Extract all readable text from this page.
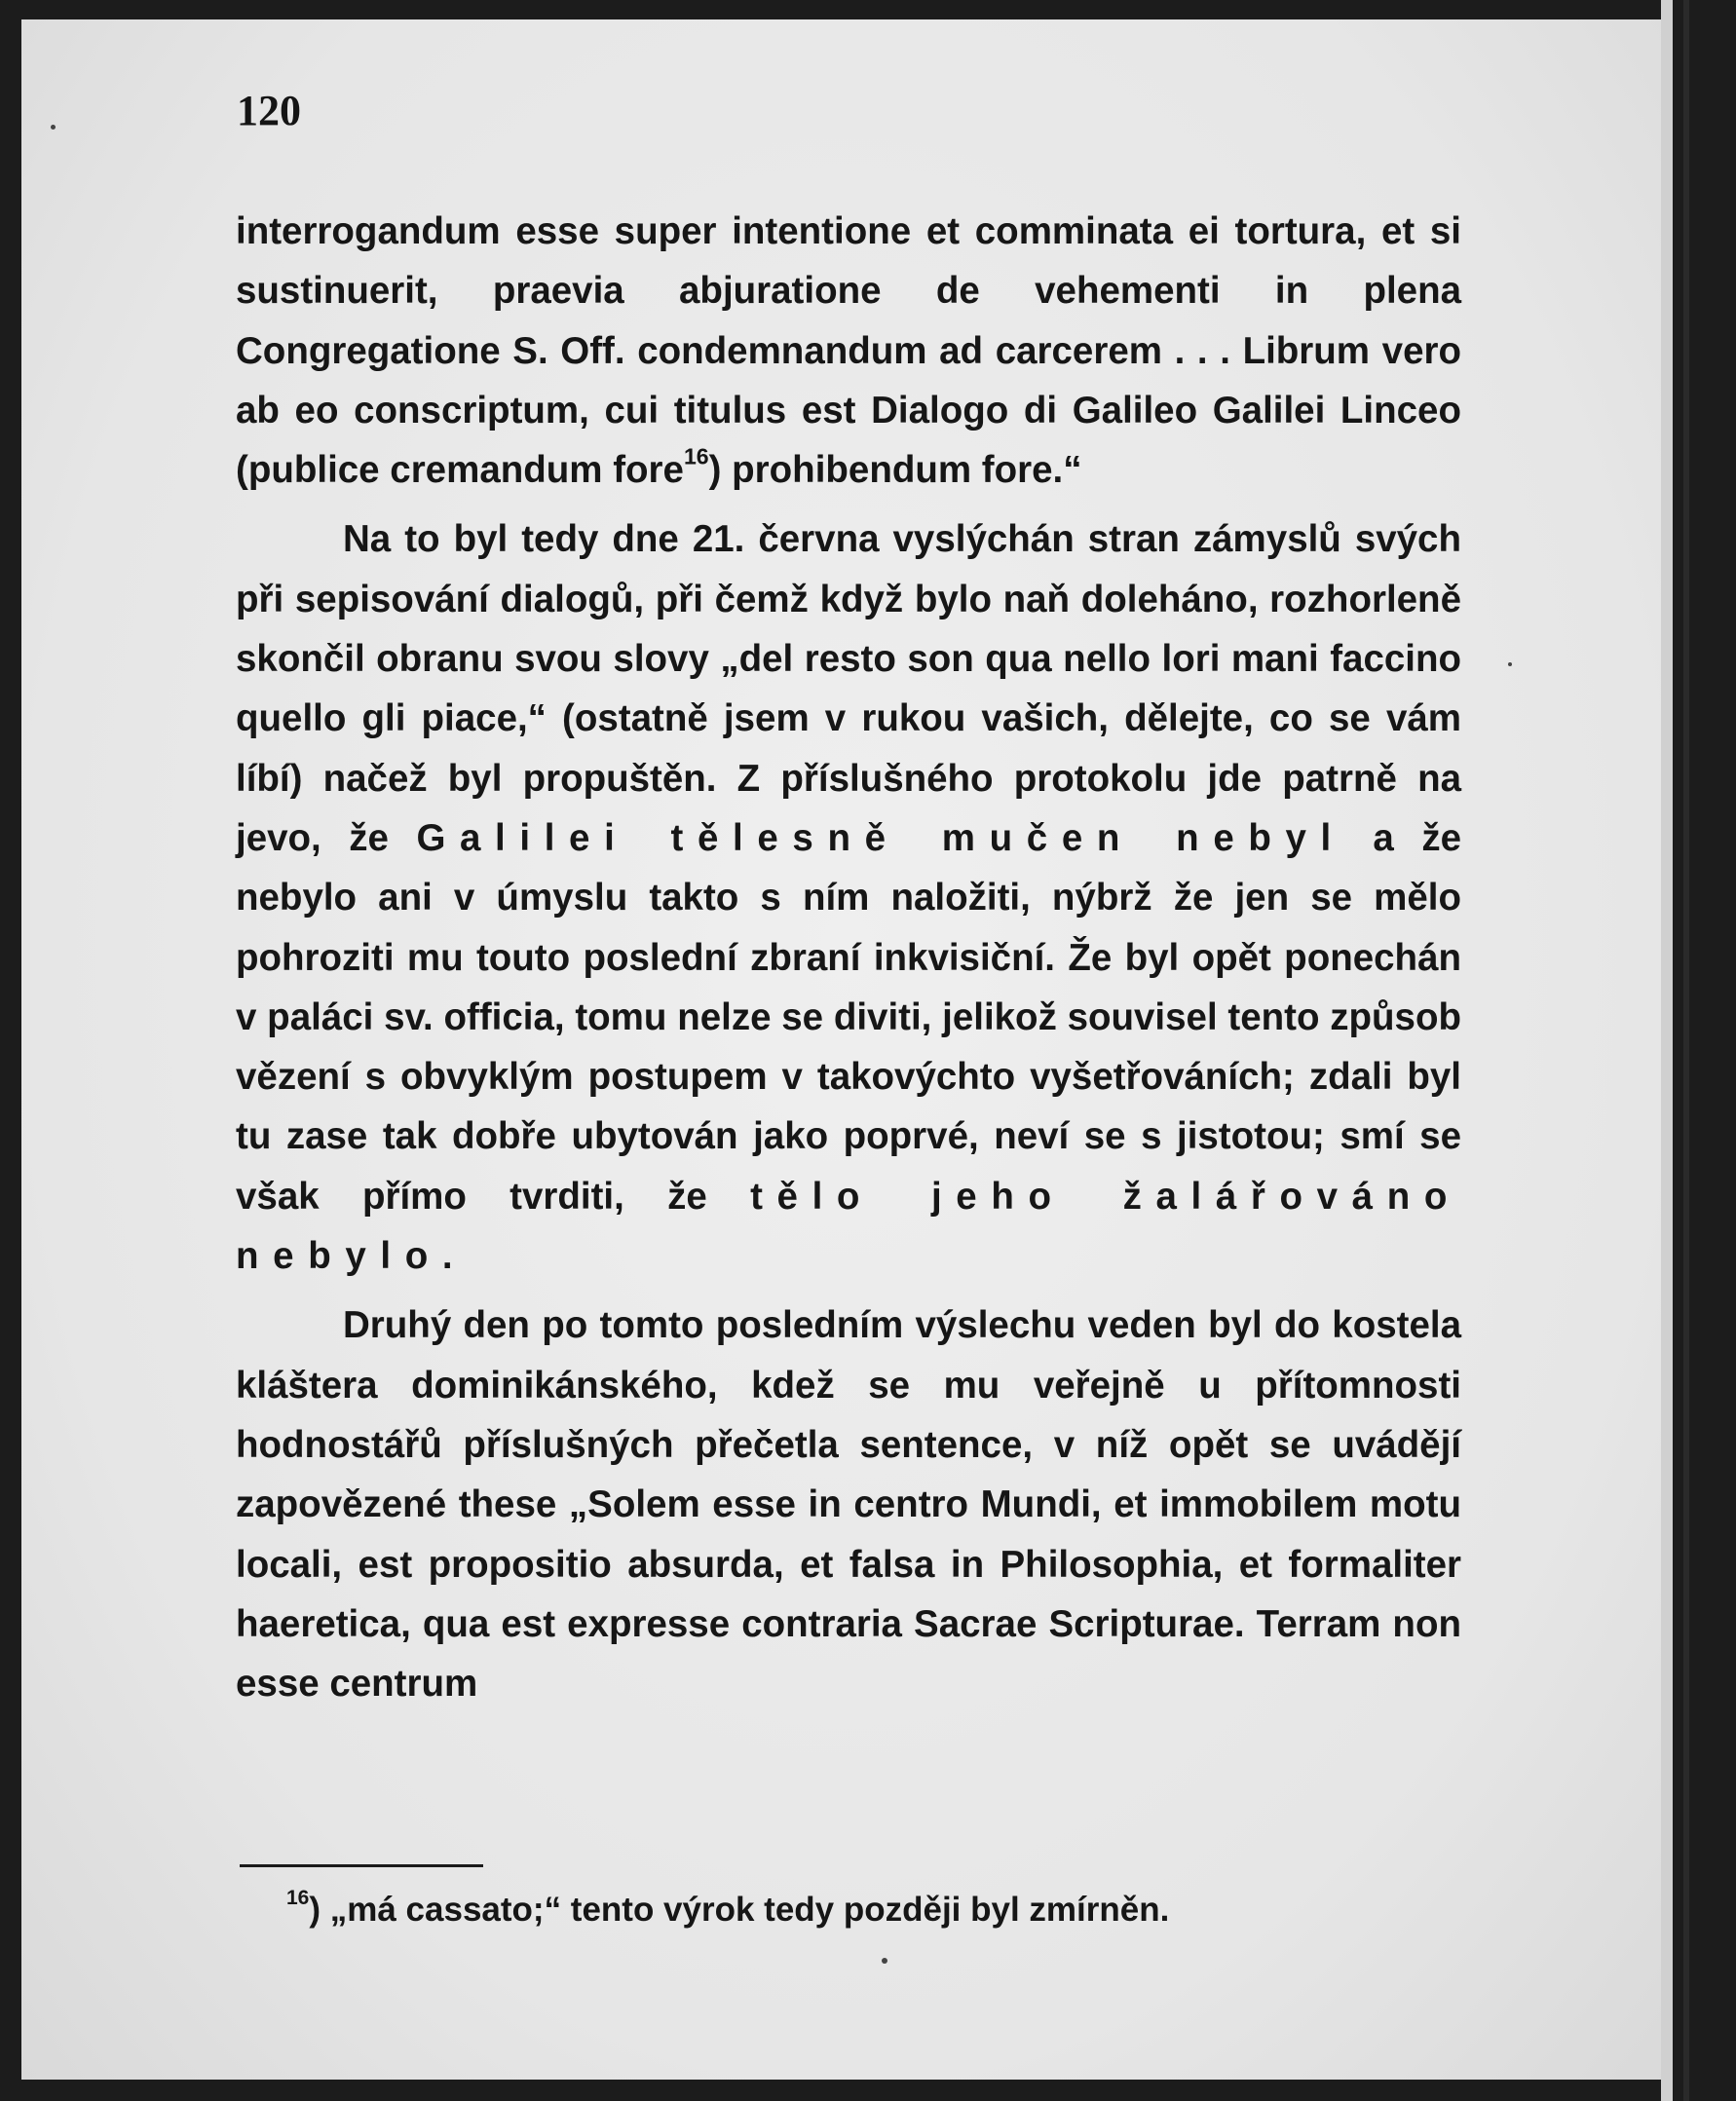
120

interrogandum esse super intentione et comminata ei tortura, et si sustinuerit, praevia abjuratione de vehementi in plena Congregatione S. Off. condemnandum ad carcerem . . . Librum vero ab eo conscriptum, cui titulus est Dialogo di Galileo Galilei Linceo (publice cremandum fore$^{16}$) prohibendum fore.“

Na to byl tedy dne 21. června vyslýchán stran zámyslů svých při sepisování dialogů, při čemž když bylo naň doleháno, rozhorleně skončil obranu svou slovy „del resto son qua nello lori mani faccino quello gli piace,“ (ostatně jsem v rukou vašich, dělejte, co se vám líbí) načež byl propuštěn. Z příslušného protokolu jde patrně na jevo, že Galilei tělesně mučen nebyl a že nebylo ani v úmyslu takto s ním naložiti, nýbrž že jen se mělo pohroziti mu touto poslední zbraní inkvisiční. Že byl opět ponechán v paláci sv. officia, tomu nelze se diviti, jelikož souvisel tento způsob vězení s obvyklým postupem v takovýchto vyšetřováních; zdali byl tu zase tak dobře ubytován jako poprvé, neví se s jistotou; smí se však přímo tvrditi, že tělo jeho žalářováno nebylo.

Druhý den po tomto posledním výslechu veden byl do kostela kláštera dominikánského, kdež se mu veřejně u přítomnosti hodnostářů příslušných přečetla sentence, v níž opět se uvádějí zapovězené these „Solem esse in centro Mundi, et immobilem motu locali, est propositio absurda, et falsa in Philosophia, et formaliter haeretica, qua est expresse contraria Sacrae Scripturae. Terram non esse centrum

$^{16}$) „má cassato;“ tento výrok tedy později byl zmírněn.
